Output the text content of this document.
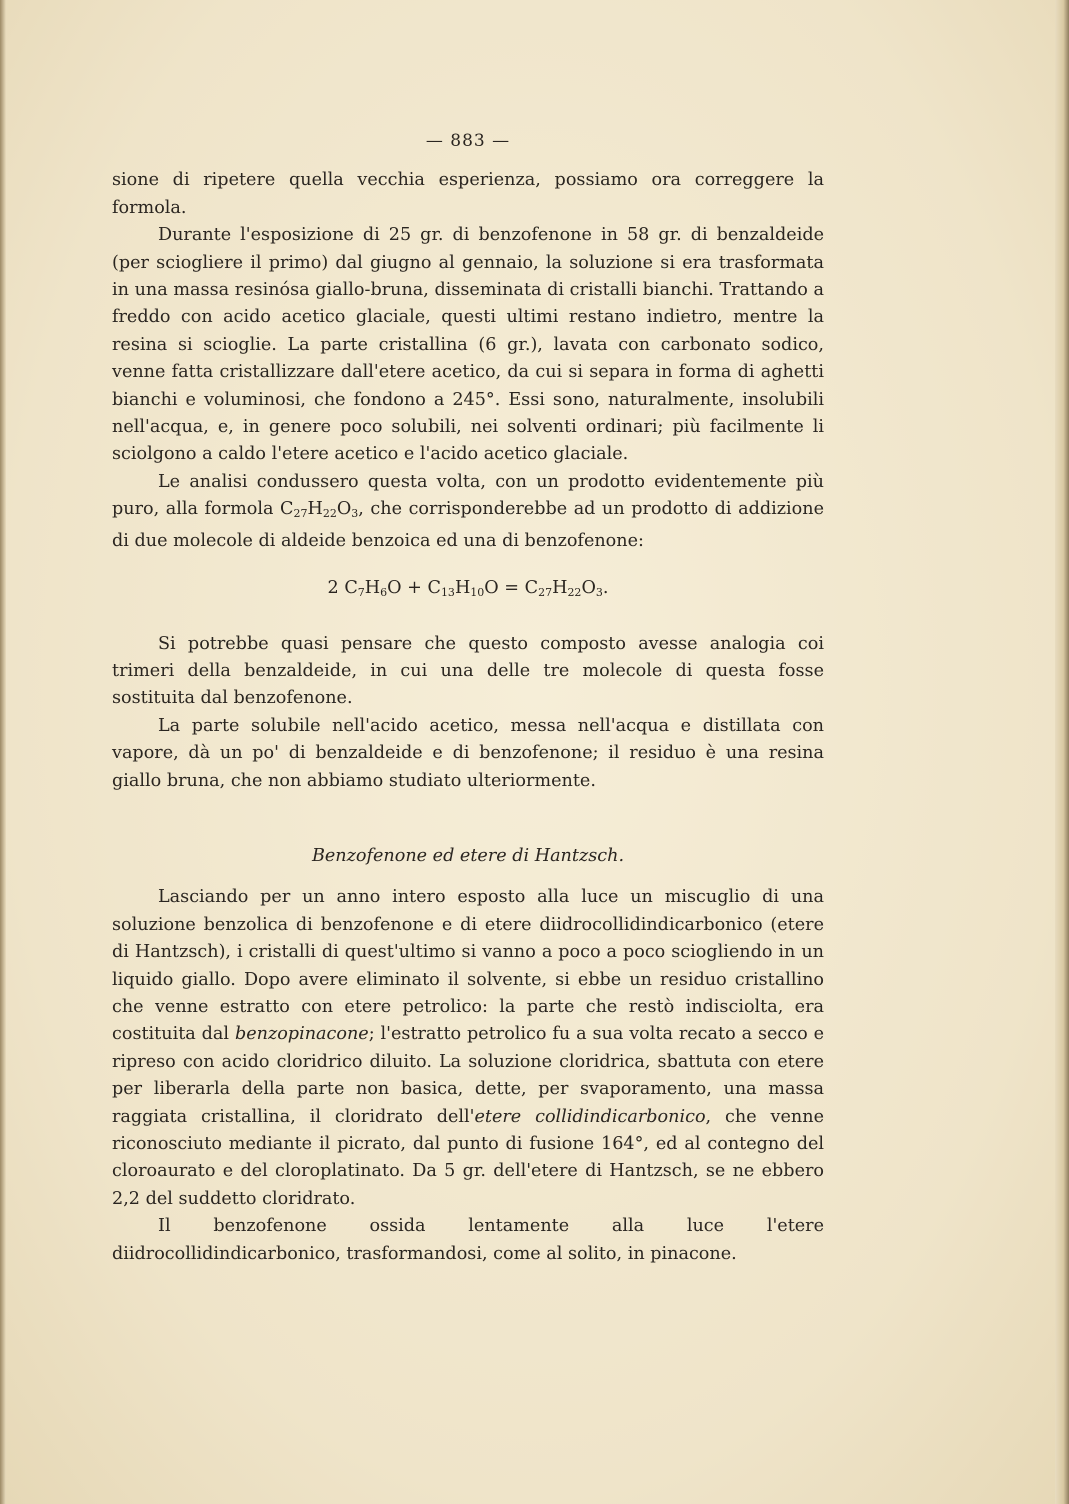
— 883 —

sione di ripetere quella vecchia esperienza, possiamo ora correggere la formola.

Durante l'esposizione di 25 gr. di benzofenone in 58 gr. di benzaldeide (per sciogliere il primo) dal giugno al gennaio, la soluzione si era trasformata in una massa resinósa giallo-bruna, disseminata di cristalli bianchi. Trattando a freddo con acido acetico glaciale, questi ultimi restano indietro, mentre la resina si scioglie. La parte cristallina (6 gr.), lavata con carbonato sodico, venne fatta cristallizzare dall'etere acetico, da cui si separa in forma di aghetti bianchi e voluminosi, che fondono a 245°. Essi sono, naturalmente, insolubili nell'acqua, e, in genere poco solubili, nei solventi ordinari; più facilmente li sciolgono a caldo l'etere acetico e l'acido acetico glaciale.

Le analisi condussero questa volta, con un prodotto evidentemente più puro, alla formola $C_{27}H_{22}O_3$, che corrisponderebbe ad un prodotto di addizione di due molecole di aldeide benzoica ed una di benzofenone:

2 $C_7H_6O + C_{13}H_{10}O = C_{27}H_{22}O_3$.

Si potrebbe quasi pensare che questo composto avesse analogia coi trimeri della benzaldeide, in cui una delle tre molecole di questa fosse sostituita dal benzofenone.

La parte solubile nell'acido acetico, messa nell'acqua e distillata con vapore, dà un po' di benzaldeide e di benzofenone; il residuo è una resina giallo bruna, che non abbiamo studiato ulteriormente.

Benzofenone ed etere di Hantzsch.

Lasciando per un anno intero esposto alla luce un miscuglio di una soluzione benzolica di benzofenone e di etere diidrocollidindicarbonico (etere di Hantzsch), i cristalli di quest'ultimo si vanno a poco a poco sciogliendo in un liquido giallo. Dopo avere eliminato il solvente, si ebbe un residuo cristallino che venne estratto con etere petrolico: la parte che restò indisciolta, era costituita dal benzopinacone; l'estratto petrolico fu a sua volta recato a secco e ripreso con acido cloridrico diluito. La soluzione cloridrica, sbattuta con etere per liberarla della parte non basica, dette, per svaporamento, una massa raggiata cristallina, il cloridrato dell'etere collidindicarbonico, che venne riconosciuto mediante il picrato, dal punto di fusione 164°, ed al contegno del cloroaurato e del cloroplatinato. Da 5 gr. dell'etere di Hantzsch, se ne ebbero 2,2 del suddetto cloridrato.

Il benzofenone ossida lentamente alla luce l'etere diidrocollidindicarbonico, trasformandosi, come al solito, in pinacone.
